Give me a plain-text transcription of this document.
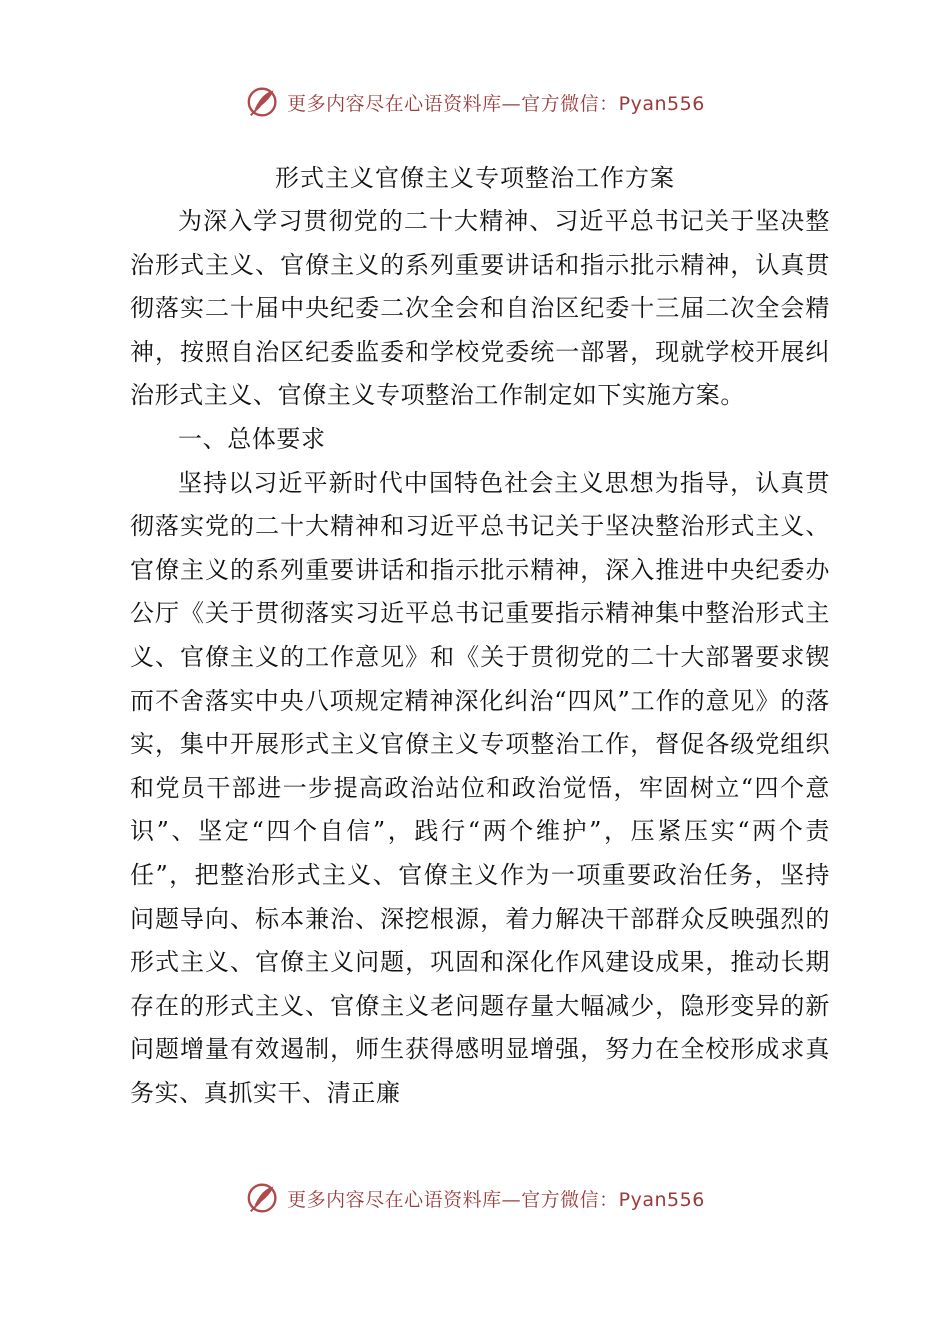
更多内容尽在心语资料库—官方微信：Pyan556
形式主义官僚主义专项整治工作方案

为深入学习贯彻党的二十大精神、习近平总书记关于坚决整治形式主义、官僚主义的系列重要讲话和指示批示精神，认真贯彻落实二十届中央纪委二次全会和自治区纪委十三届二次全会精神，按照自治区纪委监委和学校党委统一部署，现就学校开展纠治形式主义、官僚主义专项整治工作制定如下实施方案。

一、总体要求

坚持以习近平新时代中国特色社会主义思想为指导，认真贯彻落实党的二十大精神和习近平总书记关于坚决整治形式主义、官僚主义的系列重要讲话和指示批示精神，深入推进中央纪委办公厅《关于贯彻落实习近平总书记重要指示精神集中整治形式主义、官僚主义的工作意见》和《关于贯彻党的二十大部署要求锲而不舍落实中央八项规定精神深化纠治“四风”工作的意见》的落实，集中开展形式主义官僚主义专项整治工作，督促各级党组织和党员干部进一步提高政治站位和政治觉悟，牢固树立“四个意识”、坚定“四个自信”，践行“两个维护”，压紧压实“两个责任”，把整治形式主义、官僚主义作为一项重要政治任务，坚持问题导向、标本兼治、深挖根源，着力解决干部群众反映强烈的形式主义、官僚主义问题，巩固和深化作风建设成果，推动长期存在的形式主义、官僚主义老问题存量大幅减少，隐形变异的新问题增量有效遏制，师生获得感明显增强，努力在全校形成求真务实、真抓实干、清正廉

更多内容尽在心语资料库—官方微信：Pyan556
